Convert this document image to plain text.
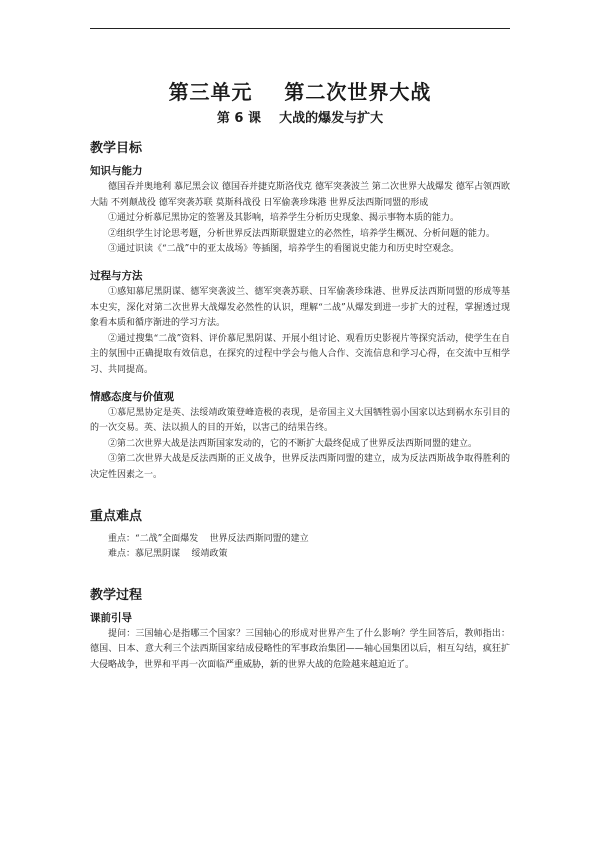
第三单元    第二次世界大战
第 6 课    大战的爆发与扩大
教学目标
知识与能力

德国吞并奥地利 慕尼黑会议 德国吞并捷克斯洛伐克 德军突袭波兰 第二次世界大战爆发 德军占领西欧大陆 不列颠战役 德军突袭苏联 莫斯科战役 日军偷袭珍珠港 世界反法西斯同盟的形成

①通过分析慕尼黑协定的签署及其影响，培养学生分析历史现象、揭示事物本质的能力。

②组织学生讨论思考题，分析世界反法西斯联盟建立的必然性，培养学生概况、分析问题的能力。

③通过识读《“二战”中的亚太战场》等插图，培养学生的看图说史能力和历史时空观念。

过程与方法

①感知慕尼黑阴谋、德军突袭波兰、德军突袭苏联、日军偷袭珍珠港、世界反法西斯同盟的形成等基本史实，深化对第二次世界大战爆发必然性的认识，理解“二战”从爆发到进一步扩大的过程，掌握透过现象看本质和循序渐进的学习方法。

②通过搜集“二战”资料、评价慕尼黑阴谋、开展小组讨论、观看历史影视片等探究活动，使学生在自主的氛围中正确提取有效信息，在探究的过程中学会与他人合作、交流信息和学习心得，在交流中互相学习、共同提高。

情感态度与价值观

①慕尼黑协定是英、法绥靖政策登峰造极的表现，是帝国主义大国牺牲弱小国家以达到祸水东引目的的一次交易。英、法以损人的目的开始，以害己的结果告终。

②第二次世界大战是法西斯国家发动的，它的不断扩大最终促成了世界反法西斯同盟的建立。

③第二次世界大战是反法西斯的正义战争，世界反法西斯同盟的建立，成为反法西斯战争取得胜利的决定性因素之一。

重点难点

重点：“二战”全面爆发    世界反法西斯同盟的建立

难点：慕尼黑阴谋    绥靖政策

教学过程
课前引导

提问：三国轴心是指哪三个国家？三国轴心的形成对世界产生了什么影响？学生回答后，教师指出：德国、日本、意大利三个法西斯国家结成侵略性的军事政治集团——轴心国集团以后，相互勾结，疯狂扩大侵略战争，世界和平再一次面临严重威胁，新的世界大战的危险越来越迫近了。
